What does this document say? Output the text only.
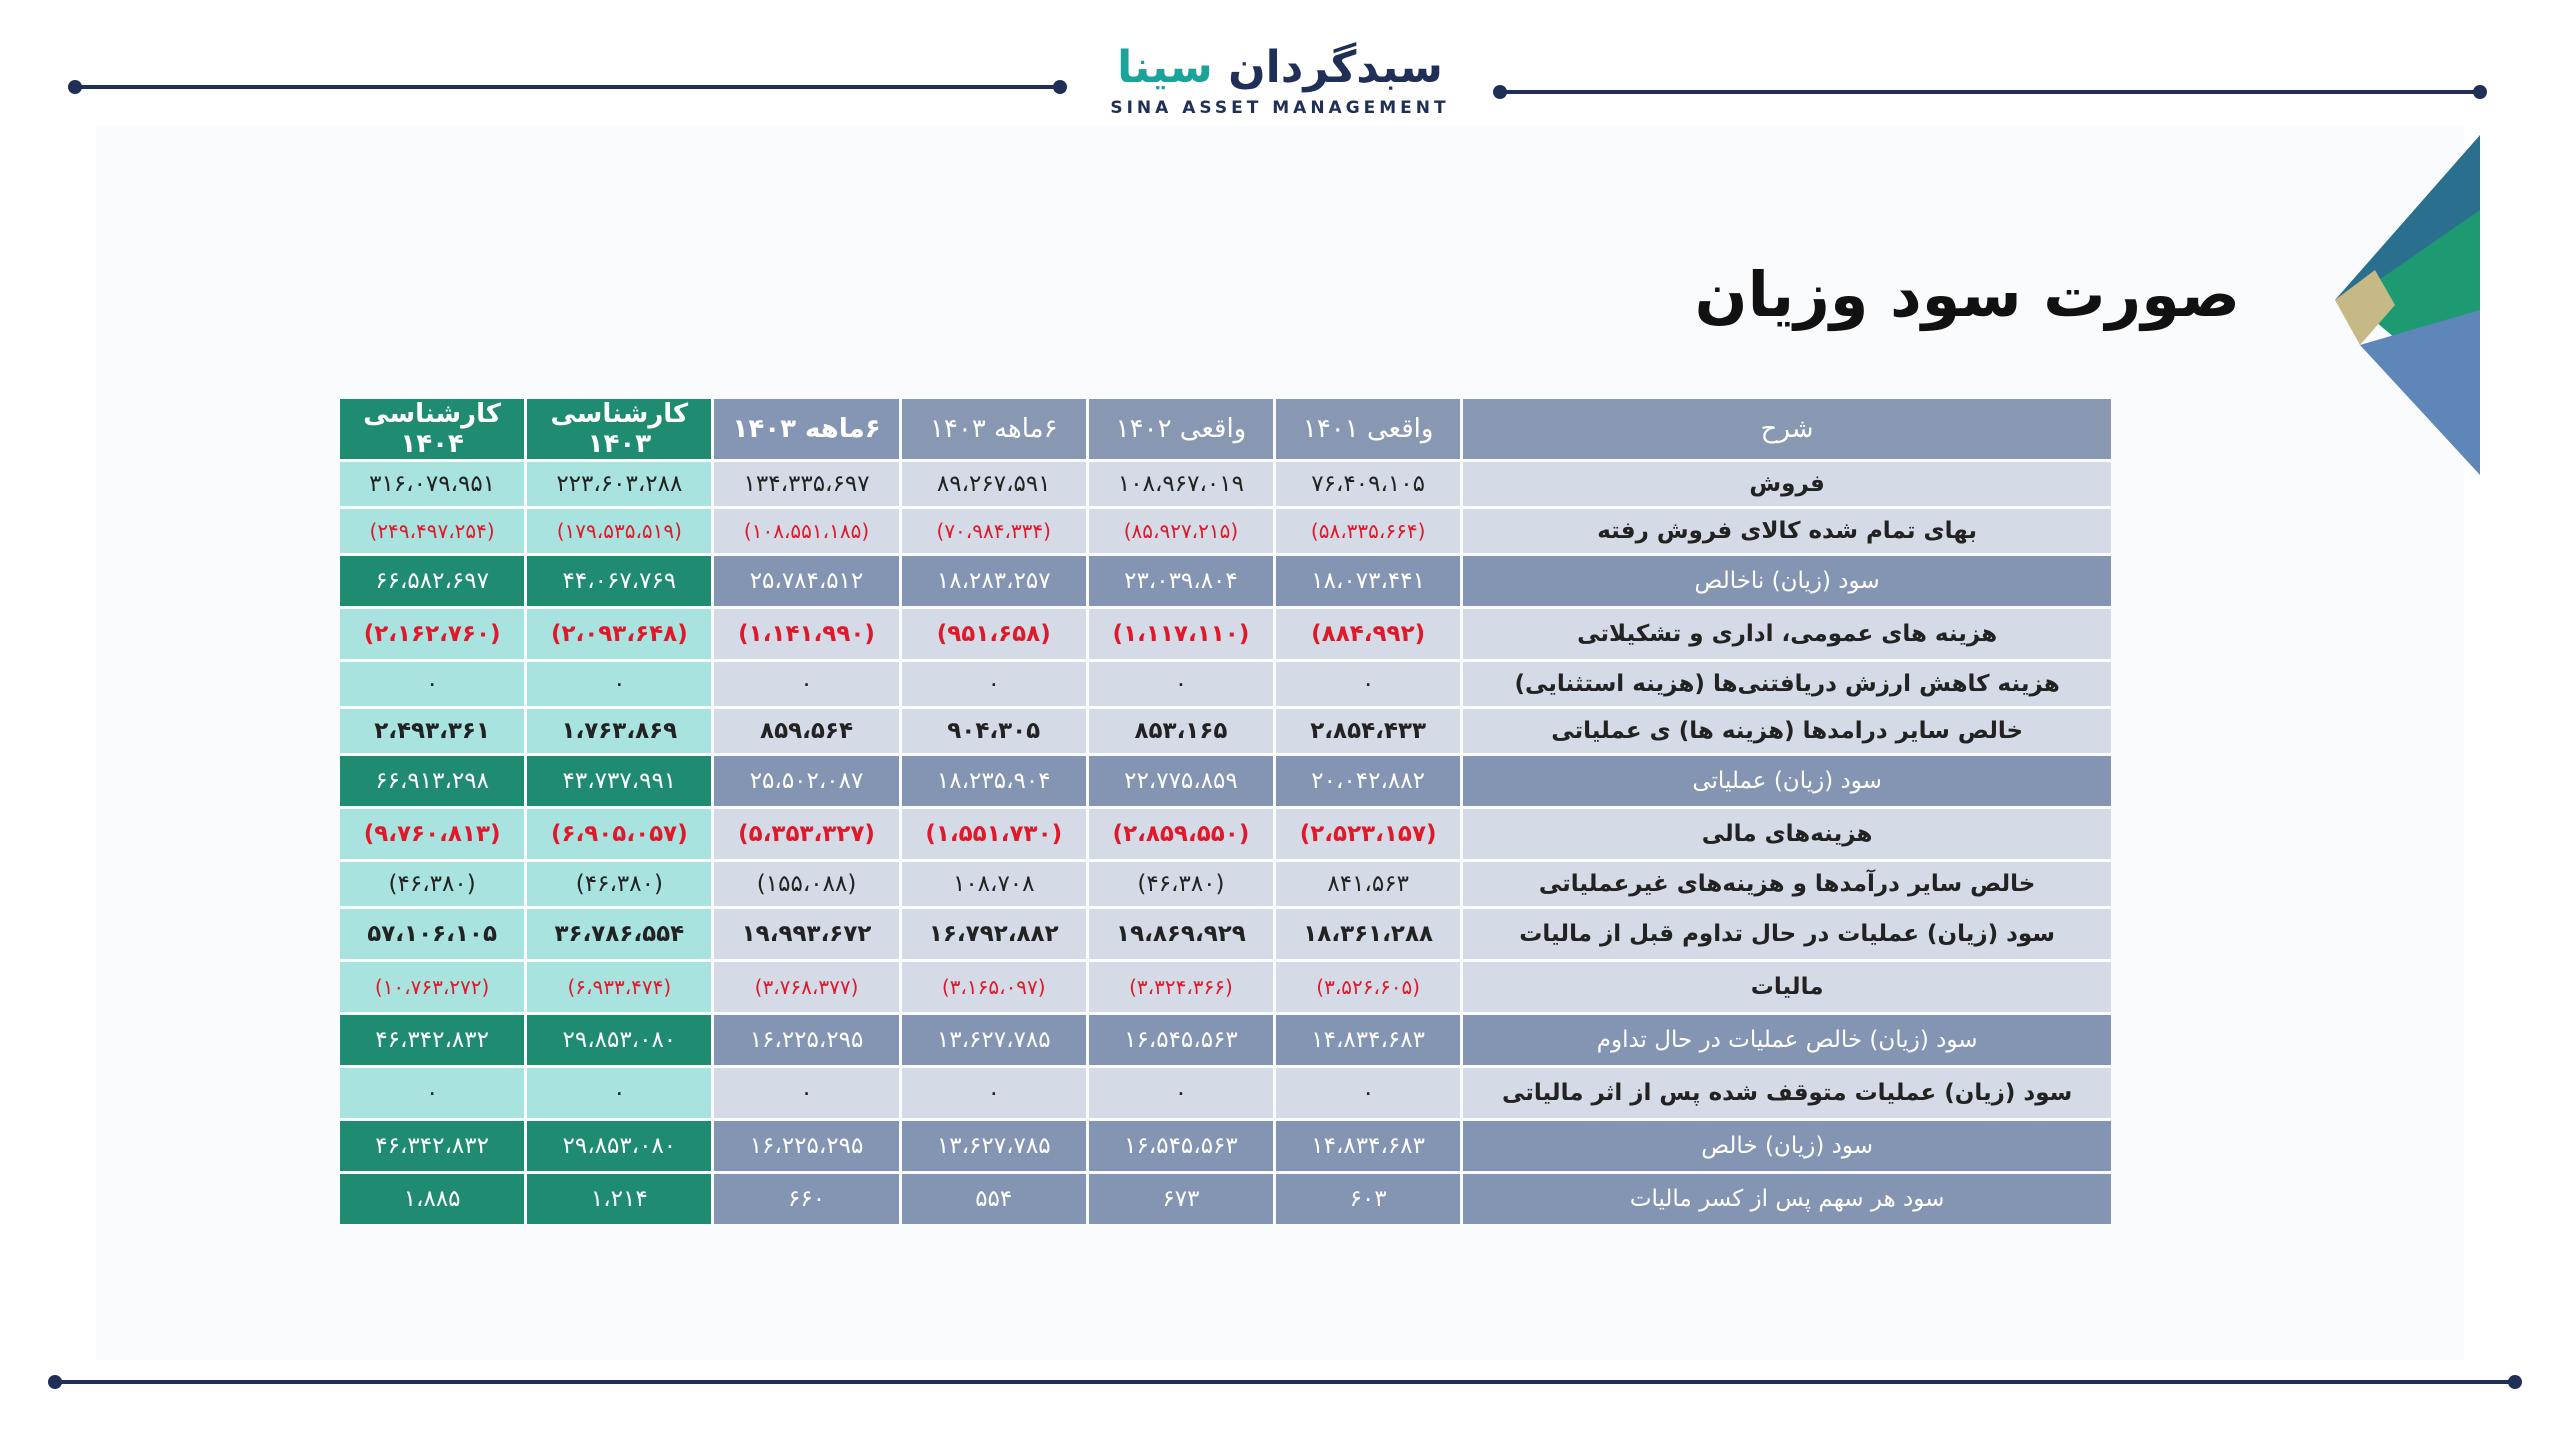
سبدگردان سینا
SINA ASSET MANAGEMENT
صورت سود وزیان
شرح	واقعی ۱۴۰۱	واقعی ۱۴۰۲	۶ماهه ۱۴۰۳	۶ماهه ۱۴۰۳	کارشناسی ۱۴۰۳	کارشناسی ۱۴۰۴
فروش	۷۶،۴۰۹،۱۰۵	۱۰۸،۹۶۷،۰۱۹	۸۹،۲۶۷،۵۹۱	۱۳۴،۳۳۵،۶۹۷	۲۲۳،۶۰۳،۲۸۸	۳۱۶،۰۷۹،۹۵۱
بهای تمام شده کالای فروش رفته	(۵۸،۳۳۵،۶۶۴)	(۸۵،۹۲۷،۲۱۵)	(۷۰،۹۸۴،۳۳۴)	(۱۰۸،۵۵۱،۱۸۵)	(۱۷۹،۵۳۵،۵۱۹)	(۲۴۹،۴۹۷،۲۵۴)
سود (زیان) ناخالص	۱۸،۰۷۳،۴۴۱	۲۳،۰۳۹،۸۰۴	۱۸،۲۸۳،۲۵۷	۲۵،۷۸۴،۵۱۲	۴۴،۰۶۷،۷۶۹	۶۶،۵۸۲،۶۹۷
هزینه های عمومی، اداری و تشکیلاتی	(۸۸۴،۹۹۲)	(۱،۱۱۷،۱۱۰)	(۹۵۱،۶۵۸)	(۱،۱۴۱،۹۹۰)	(۲،۰۹۳،۶۴۸)	(۲،۱۶۲،۷۶۰)
هزینه کاهش ارزش دریافتنی‌ها (هزینه استثنایی)	۰	۰	۰	۰	۰	۰
خالص سایر درامدها (هزینه ها) ی عملیاتی	۲،۸۵۴،۴۳۳	۸۵۳،۱۶۵	۹۰۴،۳۰۵	۸۵۹،۵۶۴	۱،۷۶۳،۸۶۹	۲،۴۹۳،۳۶۱
سود (زیان) عملیاتی	۲۰،۰۴۲،۸۸۲	۲۲،۷۷۵،۸۵۹	۱۸،۲۳۵،۹۰۴	۲۵،۵۰۲،۰۸۷	۴۳،۷۳۷،۹۹۱	۶۶،۹۱۳،۲۹۸
هزینه‌های مالی	(۲،۵۲۳،۱۵۷)	(۲،۸۵۹،۵۵۰)	(۱،۵۵۱،۷۳۰)	(۵،۳۵۳،۳۲۷)	(۶،۹۰۵،۰۵۷)	(۹،۷۶۰،۸۱۳)
خالص سایر درآمدها و هزینه‌های غیرعملیاتی	۸۴۱،۵۶۳	(۴۶،۳۸۰)	۱۰۸،۷۰۸	(۱۵۵،۰۸۸)	(۴۶،۳۸۰)	(۴۶،۳۸۰)
سود (زیان) عملیات در حال تداوم قبل از مالیات	۱۸،۳۶۱،۲۸۸	۱۹،۸۶۹،۹۲۹	۱۶،۷۹۲،۸۸۲	۱۹،۹۹۳،۶۷۲	۳۶،۷۸۶،۵۵۴	۵۷،۱۰۶،۱۰۵
مالیات	(۳،۵۲۶،۶۰۵)	(۳،۳۲۴،۳۶۶)	(۳،۱۶۵،۰۹۷)	(۳،۷۶۸،۳۷۷)	(۶،۹۳۳،۴۷۴)	(۱۰،۷۶۳،۲۷۲)
سود (زیان) خالص عملیات در حال تداوم	۱۴،۸۳۴،۶۸۳	۱۶،۵۴۵،۵۶۳	۱۳،۶۲۷،۷۸۵	۱۶،۲۲۵،۲۹۵	۲۹،۸۵۳،۰۸۰	۴۶،۳۴۲،۸۳۲
سود (زیان) عملیات متوقف شده پس از اثر مالیاتی	۰	۰	۰	۰	۰	۰
سود (زیان) خالص	۱۴،۸۳۴،۶۸۳	۱۶،۵۴۵،۵۶۳	۱۳،۶۲۷،۷۸۵	۱۶،۲۲۵،۲۹۵	۲۹،۸۵۳،۰۸۰	۴۶،۳۴۲،۸۳۲
سود هر سهم پس از کسر مالیات	۶۰۳	۶۷۳	۵۵۴	۶۶۰	۱،۲۱۴	۱،۸۸۵
